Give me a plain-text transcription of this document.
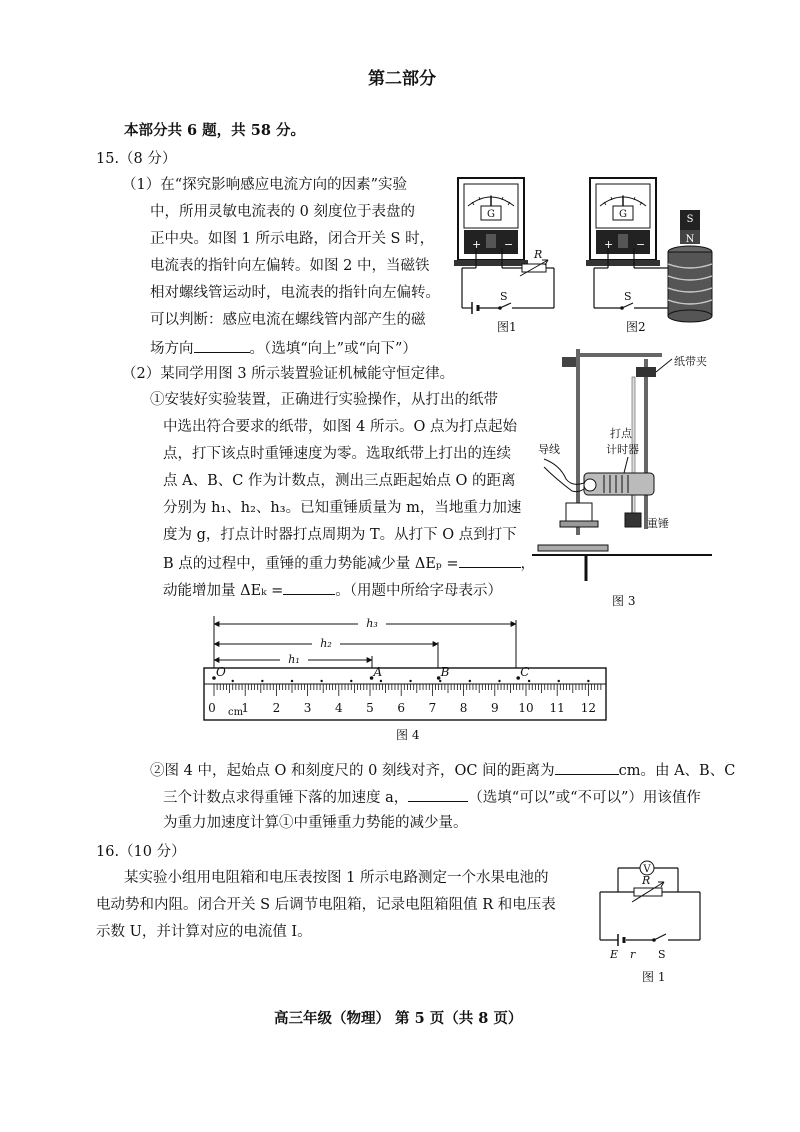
第二部分
本部分共 6 题，共 58 分。
15.（8 分）
（1）在“探究影响感应电流方向的因素”实验
中，所用灵敏电流表的 0 刻度位于表盘的
正中央。如图 1 所示电路，闭合开关 S 时，
电流表的指针向左偏转。如图 2 中，当磁铁
相对螺线管运动时，电流表的指针向左偏转。
可以判断：感应电流在螺线管内部产生的磁
场方向	。（选填“向上”或“向下”）
G
+ −
S
R
图1
G
+ −
S
S
N
图2
（2）某同学用图 3 所示装置验证机械能守恒定律。
①安装好实验装置，正确进行实验操作，从打出的纸带
中选出符合要求的纸带，如图 4 所示。O 点为打点起始
点，打下该点时重锤速度为零。选取纸带上打出的连续
点 A、B、C 作为计数点，测出三点距起始点 O 的距离
分别为 h₁、h₂、h₃。已知重锤质量为 m，当地重力加速
度为 g，打点计时器打点周期为 T。从打下 O 点到打下
B 点的过程中，重锤的重力势能减少量 ΔEₚ =	，
动能增加量 ΔEₖ =	。（用题中所给字母表示）
纸带夹
重锤
打点
计时器
导线
图 3
h₃
h₂
h₁
0 1 2 3 4 5 6 7 8 9 10 11 12
cm
O	A	B	C
图 4
②图 4 中，起始点 O 和刻度尺的 0 刻线对齐，OC 间的距离为	cm。由 A、B、C
三个计数点求得重锤下落的加速度 a，	（选填“可以”或“不可以”）用该值作
为重力加速度计算①中重锤重力势能的减少量。
16.（10 分）
某实验小组用电阻箱和电压表按图 1 所示电路测定一个水果电池的
电动势和内阻。闭合开关 S 后调节电阻箱，记录电阻箱阻值 R 和电压表
示数 U，并计算对应的电流值 I。
V
R
E r S
图 1
高三年级（物理） 第 5 页（共 8 页）
